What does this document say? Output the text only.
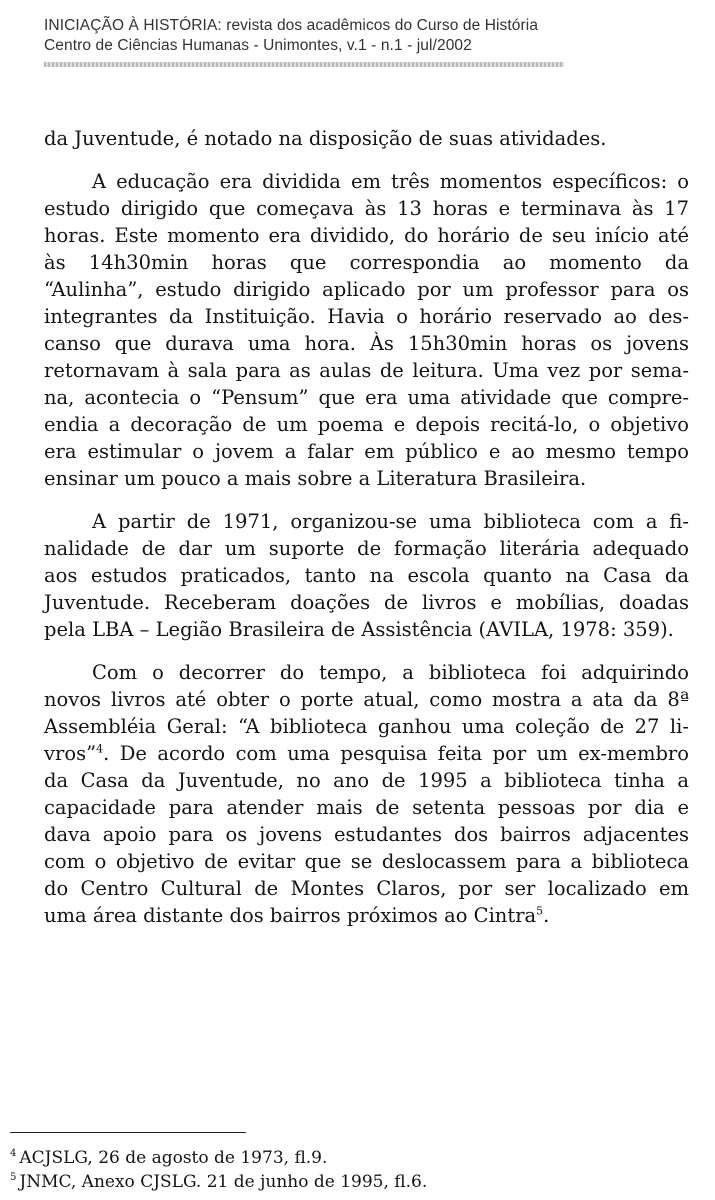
INICIAÇÃO À HISTÓRIA: revista dos acadêmicos do Curso de História
Centro de Ciências Humanas - Unimontes, v.1 - n.1 - jul/2002

da Juventude, é notado na disposição de suas atividades.

A educação era dividida em três momentos específicos: o

estudo dirigido que começava às 13 horas e terminava às 17

horas. Este momento era dividido, do horário de seu início até

às 14h30min horas que correspondia ao momento da

“Aulinha”, estudo dirigido aplicado por um professor para os

integrantes da Instituição. Havia o horário reservado ao des-

canso que durava uma hora. Às 15h30min horas os jovens

retornavam à sala para as aulas de leitura. Uma vez por sema-

na, acontecia o “Pensum” que era uma atividade que compre-

endia a decoração de um poema e depois recitá-lo, o objetivo

era estimular o jovem a falar em público e ao mesmo tempo

ensinar um pouco a mais sobre a Literatura Brasileira.

A partir de 1971, organizou-se uma biblioteca com a fi-

nalidade de dar um suporte de formação literária adequado

aos estudos praticados, tanto na escola quanto na Casa da

Juventude. Receberam doações de livros e mobílias, doadas

pela LBA – Legião Brasileira de Assistência (AVILA, 1978: 359).

Com o decorrer do tempo, a biblioteca foi adquirindo

novos livros até obter o porte atual, como mostra a ata da 8ª

Assembléia Geral: “A biblioteca ganhou uma coleção de 27 li-

vros”$^4$. De acordo com uma pesquisa feita por um ex-membro

da Casa da Juventude, no ano de 1995 a biblioteca tinha a

capacidade para atender mais de setenta pessoas por dia e

dava apoio para os jovens estudantes dos bairros adjacentes

com o objetivo de evitar que se deslocassem para a biblioteca

do Centro Cultural de Montes Claros, por ser localizado em

uma área distante dos bairros próximos ao Cintra$^5$.

$^4$ ACJSLG, 26 de agosto de 1973, fl.9.
$^5$ JNMC, Anexo CJSLG. 21 de junho de 1995, fl.6.
